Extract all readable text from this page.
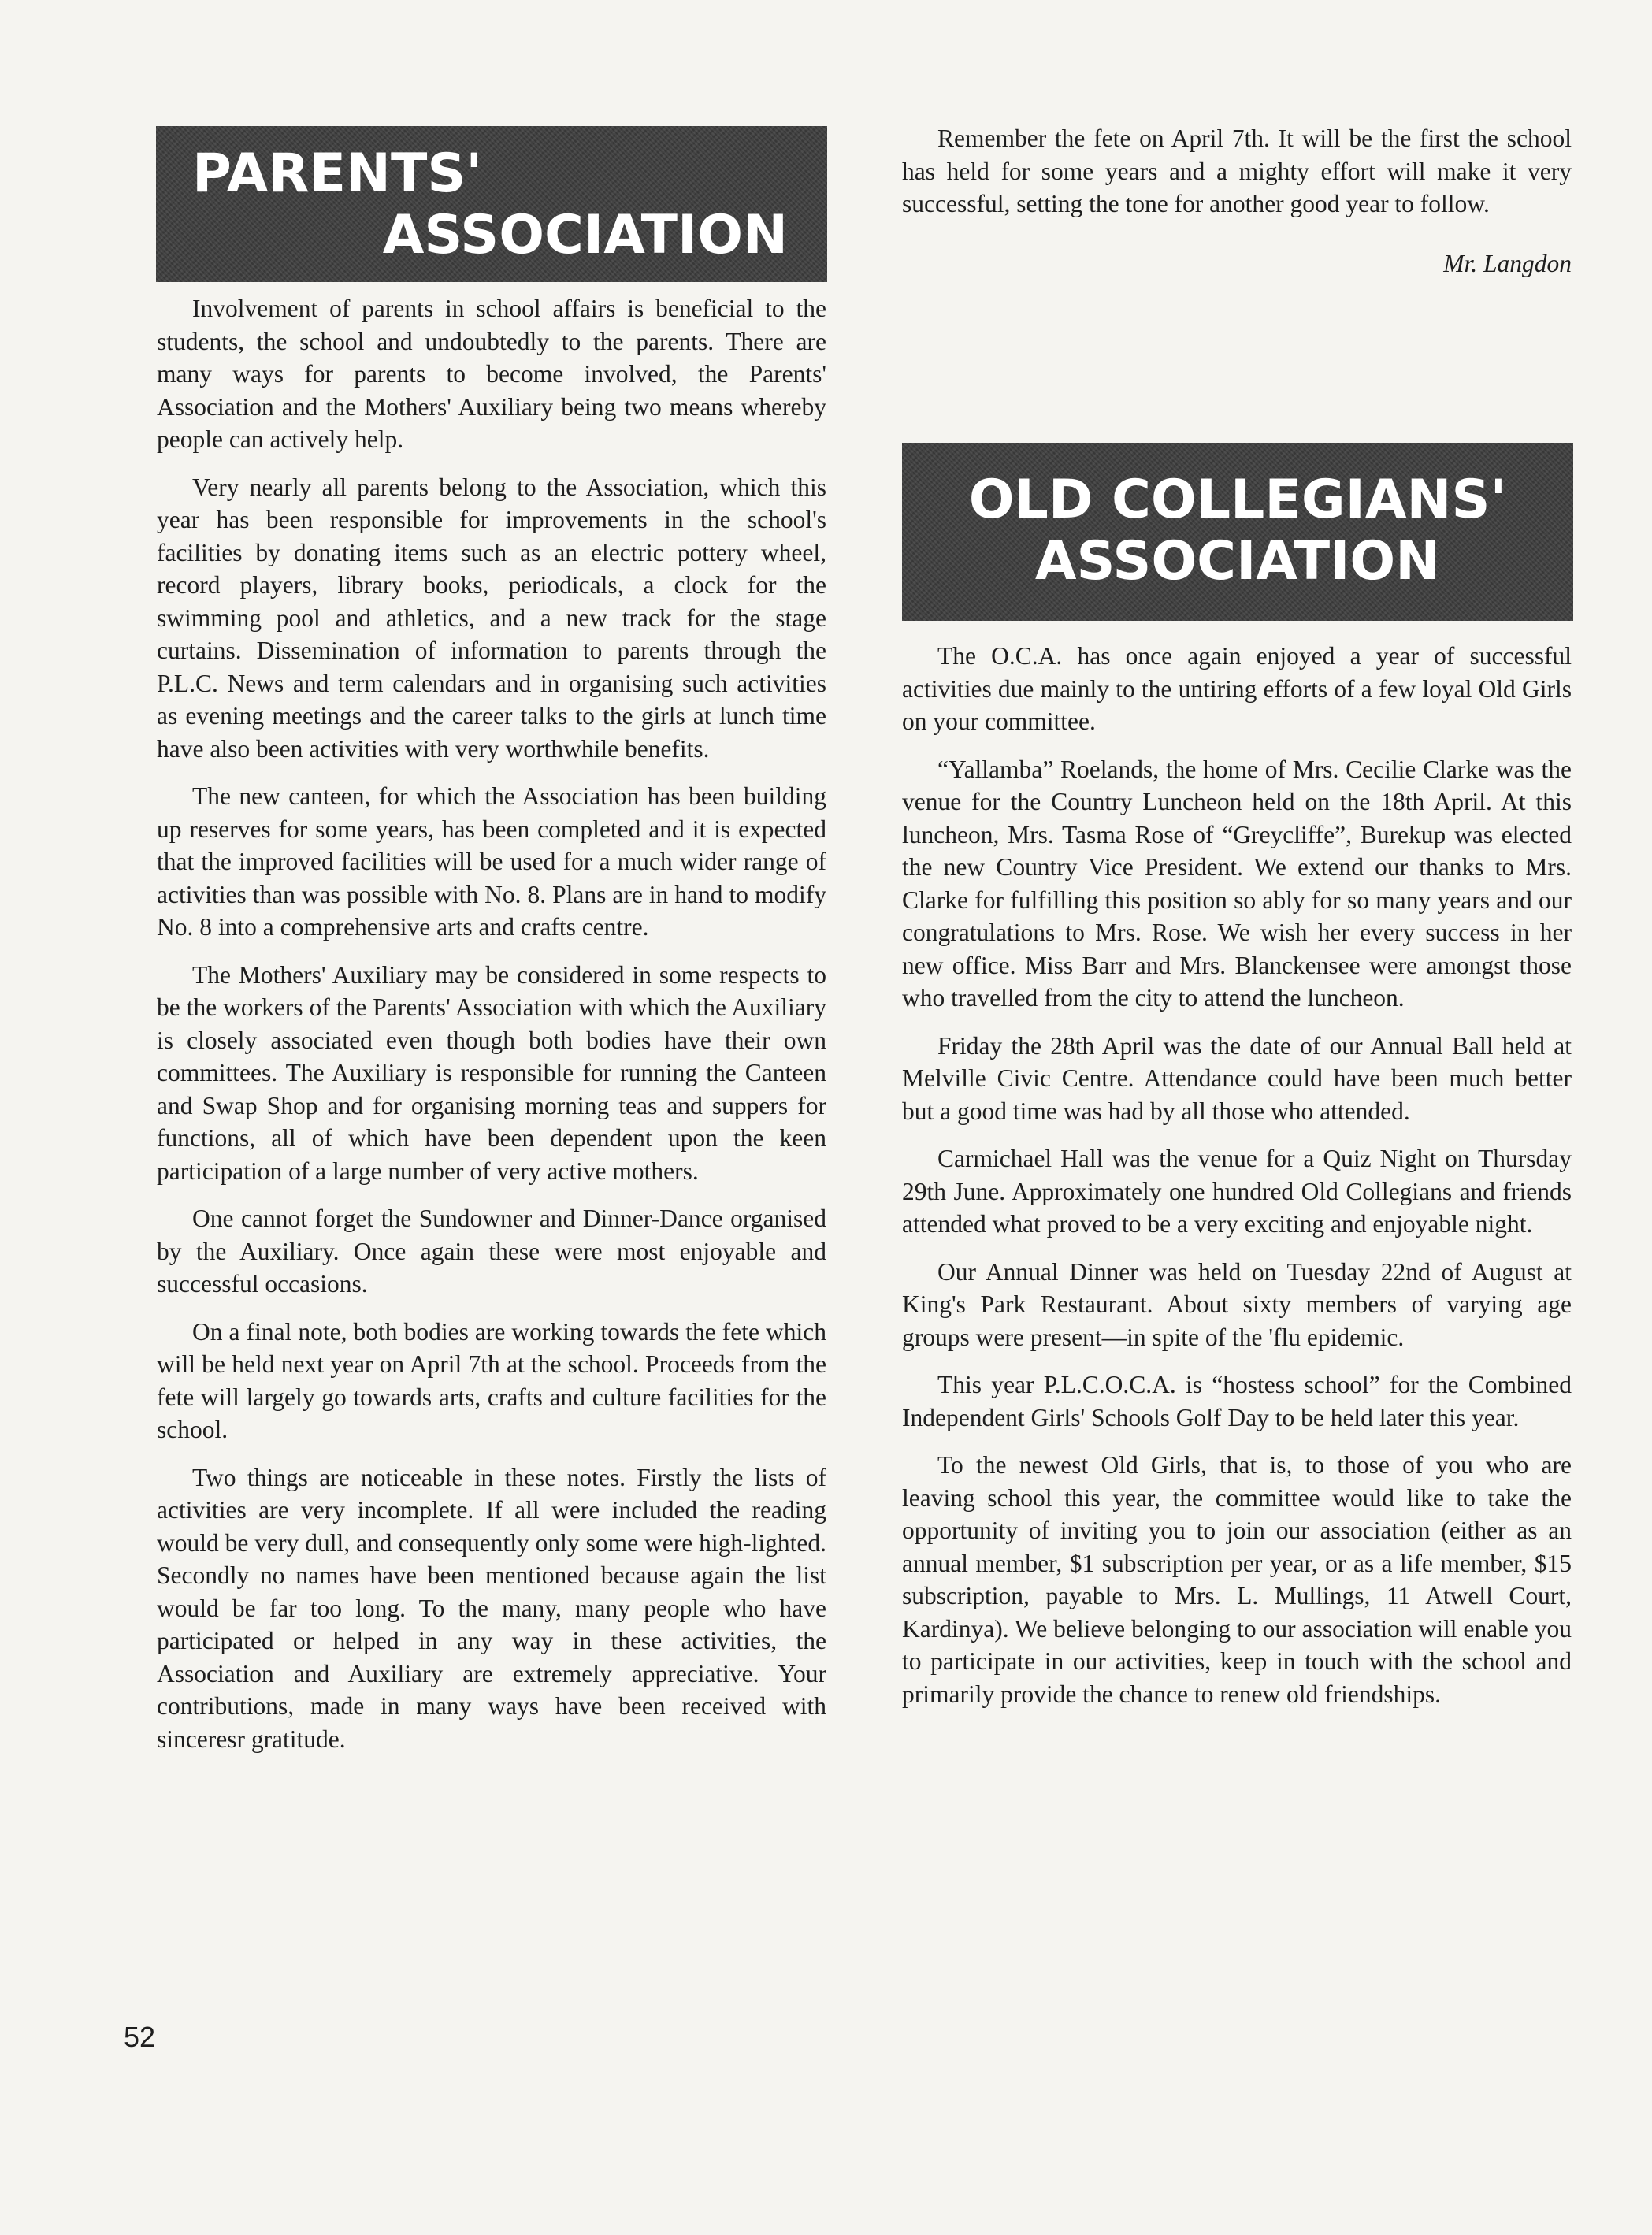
PARENTS'
ASSOCIATION

Involvement of parents in school affairs is beneficial to the students, the school and undoubtedly to the parents. There are many ways for parents to become involved, the Parents' Association and the Mothers' Auxiliary being two means whereby people can actively help.

Very nearly all parents belong to the Association, which this year has been responsible for improvements in the school's facilities by donating items such as an electric pottery wheel, record players, library books, periodicals, a clock for the swimming pool and athletics, and a new track for the stage curtains. Dissemination of information to parents through the P.L.C. News and term calendars and in organising such activities as evening meetings and the career talks to the girls at lunch time have also been activities with very worthwhile benefits.

The new canteen, for which the Association has been building up reserves for some years, has been completed and it is expected that the improved facilities will be used for a much wider range of activities than was possible with No. 8. Plans are in hand to modify No. 8 into a comprehensive arts and crafts centre.

The Mothers' Auxiliary may be considered in some respects to be the workers of the Parents' Association with which the Auxiliary is closely associated even though both bodies have their own committees. The Auxiliary is responsible for running the Canteen and Swap Shop and for organising morning teas and suppers for functions, all of which have been dependent upon the keen participation of a large number of very active mothers.

One cannot forget the Sundowner and Dinner-Dance organised by the Auxiliary. Once again these were most enjoyable and successful occasions.

On a final note, both bodies are working towards the fete which will be held next year on April 7th at the school. Proceeds from the fete will largely go towards arts, crafts and culture facilities for the school.

Two things are noticeable in these notes. Firstly the lists of activities are very incomplete. If all were included the reading would be very dull, and consequently only some were high-lighted. Secondly no names have been mentioned because again the list would be far too long. To the many, many people who have participated or helped in any way in these activities, the Association and Auxiliary are extremely appreciative. Your contributions, made in many ways have been received with sinceresr gratitude.

Remember the fete on April 7th. It will be the first the school has held for some years and a mighty effort will make it very successful, setting the tone for another good year to follow.

Mr. Langdon
OLD COLLEGIANS'
ASSOCIATION

The O.C.A. has once again enjoyed a year of successful activities due mainly to the untiring efforts of a few loyal Old Girls on your committee.

“Yallamba” Roelands, the home of Mrs. Cecilie Clarke was the venue for the Country Luncheon held on the 18th April. At this luncheon, Mrs. Tasma Rose of “Greycliffe”, Burekup was elected the new Country Vice President. We extend our thanks to Mrs. Clarke for fulfilling this position so ably for so many years and our congratulations to Mrs. Rose. We wish her every success in her new office. Miss Barr and Mrs. Blanckensee were amongst those who travelled from the city to attend the luncheon.

Friday the 28th April was the date of our Annual Ball held at Melville Civic Centre. Attendance could have been much better but a good time was had by all those who attended.

Carmichael Hall was the venue for a Quiz Night on Thursday 29th June. Approximately one hundred Old Collegians and friends attended what proved to be a very exciting and enjoyable night.

Our Annual Dinner was held on Tuesday 22nd of August at King's Park Restaurant. About sixty members of varying age groups were present—in spite of the 'flu epidemic.

This year P.L.C.O.C.A. is “hostess school” for the Combined Independent Girls' Schools Golf Day to be held later this year.

To the newest Old Girls, that is, to those of you who are leaving school this year, the committee would like to take the opportunity of inviting you to join our association (either as an annual member, $1 subscription per year, or as a life member, $15 subscription, payable to Mrs. L. Mullings, 11 Atwell Court, Kardinya). We believe belonging to our association will enable you to participate in our activities, keep in touch with the school and primarily provide the chance to renew old friendships.

52
